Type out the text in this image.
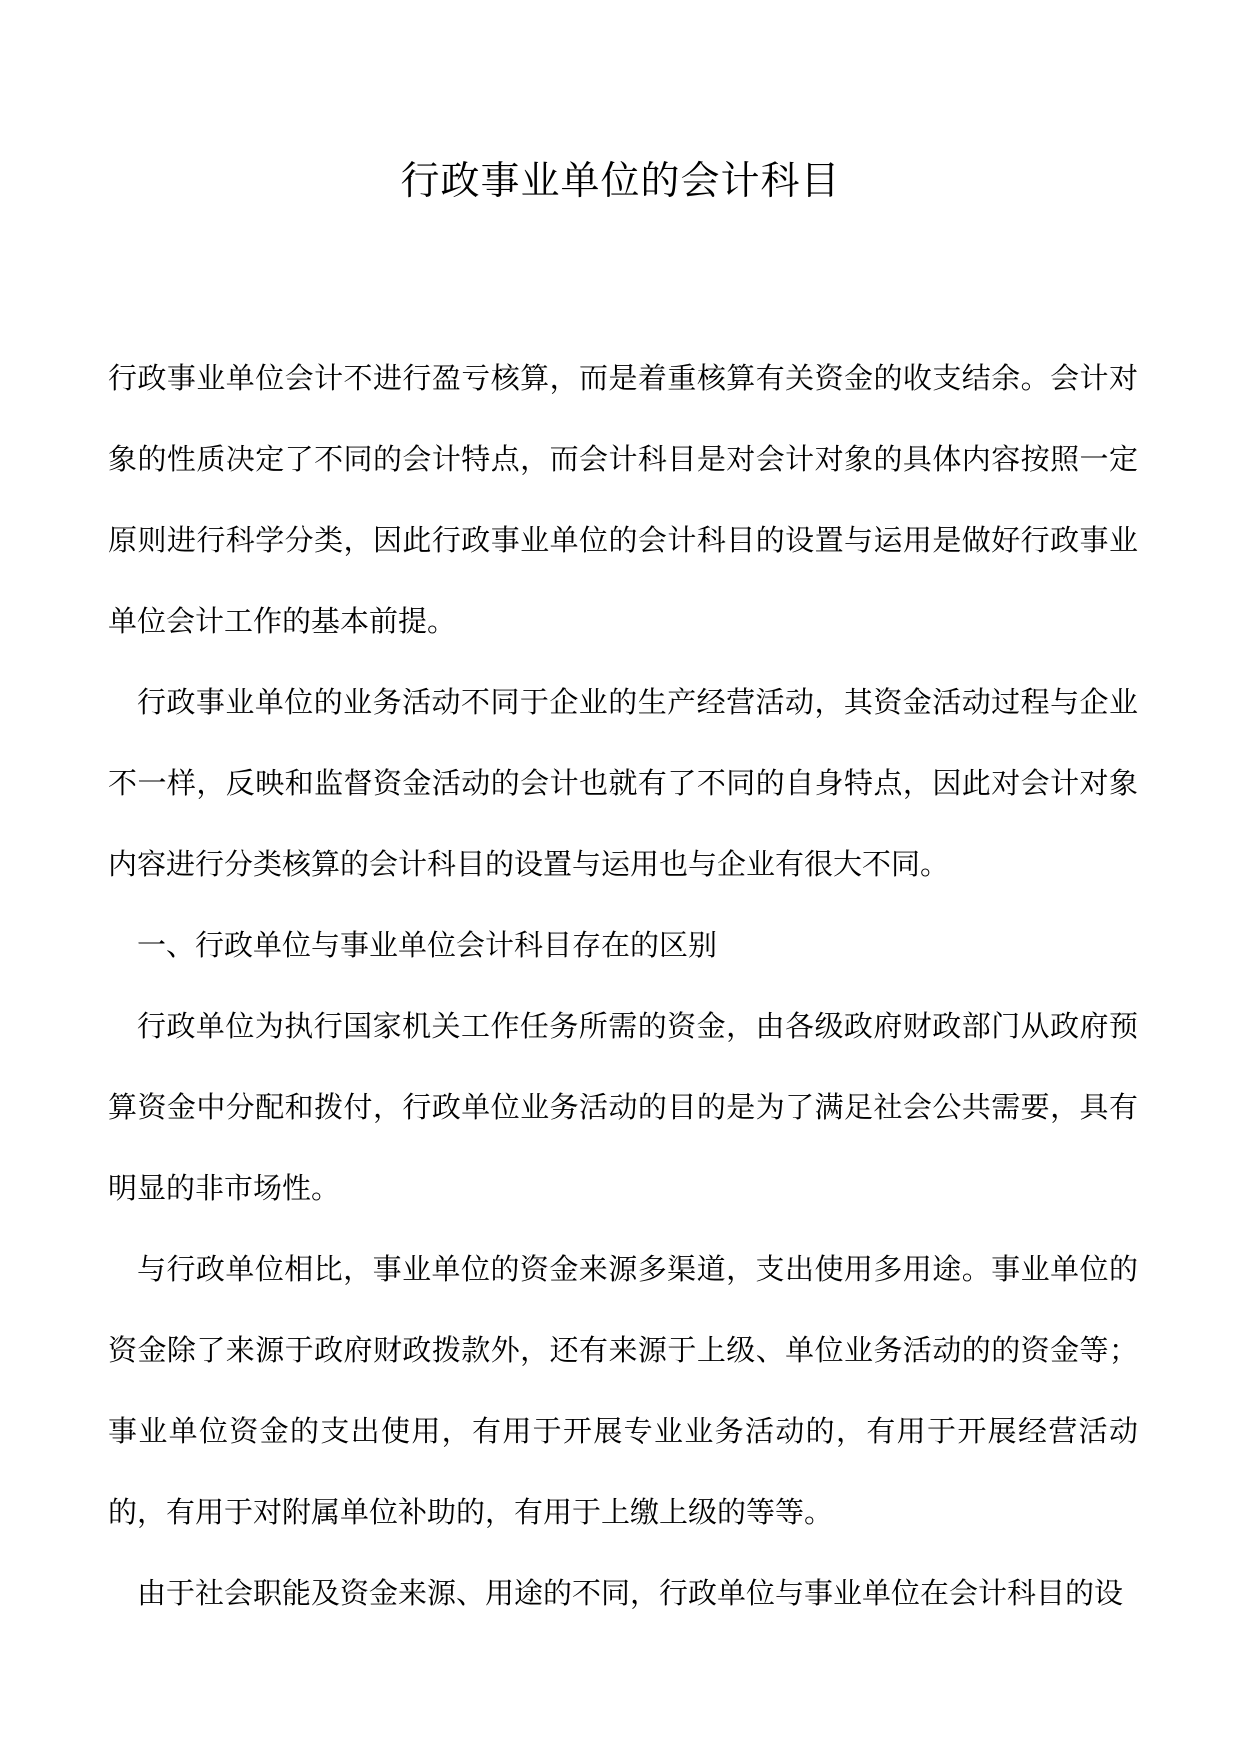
行政事业单位的会计科目

行政事业单位会计不进行盈亏核算，而是着重核算有关资金的收支结余。会计对象的性质决定了不同的会计特点，而会计科目是对会计对象的具体内容按照一定原则进行科学分类，因此行政事业单位的会计科目的设置与运用是做好行政事业单位会计工作的基本前提。

行政事业单位的业务活动不同于企业的生产经营活动，其资金活动过程与企业不一样，反映和监督资金活动的会计也就有了不同的自身特点，因此对会计对象内容进行分类核算的会计科目的设置与运用也与企业有很大不同。

一、行政单位与事业单位会计科目存在的区别

行政单位为执行国家机关工作任务所需的资金，由各级政府财政部门从政府预算资金中分配和拨付，行政单位业务活动的目的是为了满足社会公共需要，具有明显的非市场性。

与行政单位相比，事业单位的资金来源多渠道，支出使用多用途。事业单位的资金除了来源于政府财政拨款外，还有来源于上级、单位业务活动的的资金等；事业单位资金的支出使用，有用于开展专业业务活动的，有用于开展经营活动的，有用于对附属单位补助的，有用于上缴上级的等等。

由于社会职能及资金来源、用途的不同，行政单位与事业单位在会计科目的设
